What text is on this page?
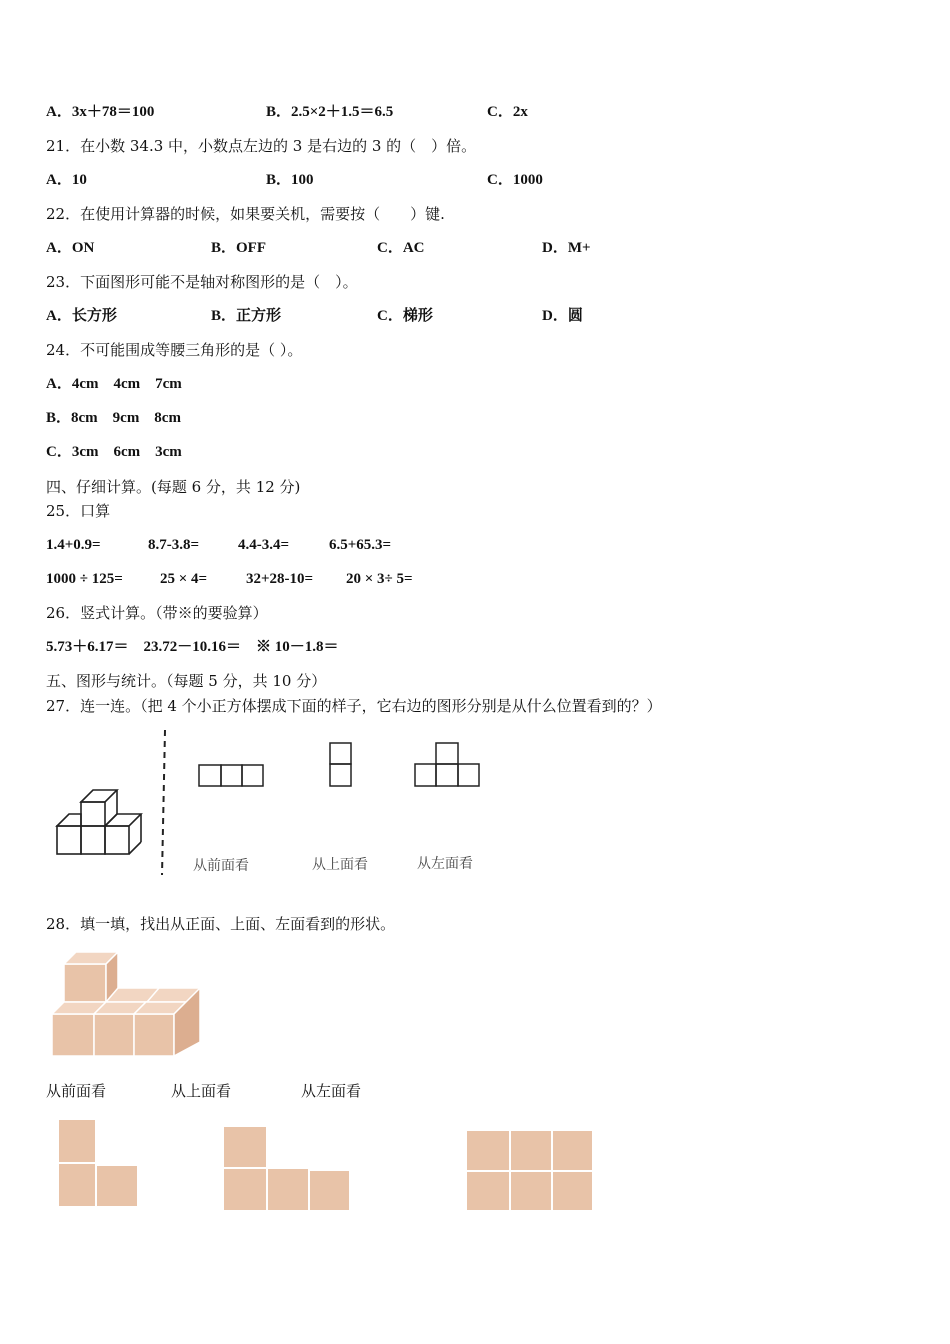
A．3x＋78＝100	B．2.5×2＋1.5＝6.5	C．2x
21．在小数 34.3 中，小数点左边的 3 是右边的 3 的（　）倍。
A．10	B．100	C．1000
22．在使用计算器的时候，如果要关机，需要按（　　）键.
A．ON	B．OFF	C．AC	D．M+
23．下面图形可能不是轴对称图形的是（　）。
A．长方形	B．正方形	C．梯形	D．圆
24．不可能围成等腰三角形的是（ ）。
A．4cm　4cm　7cm
B．8cm　9cm　8cm
C．3cm　6cm　3cm
四、仔细计算。(每题 6 分，共 12 分)
25．口算
1.4+0.9=	8.7-3.8=	4.4-3.4=	6.5+65.3=
1000 ÷ 125= 25 × 4=	32+28-10= 20 × 3÷ 5=
26．竖式计算。（带※的要验算）
5.73＋6.17＝　23.72－10.16＝　※ 10－1.8＝
五、图形与统计。（每题 5 分，共 10 分）
27．连一连。（把 4 个小正方体摆成下面的样子，它右边的图形分别是从什么位置看到的？）
从前面看	从上面看	从左面看
28．填一填，找出从正面、上面、左面看到的形状。
从前面看	从上面看	从左面看
